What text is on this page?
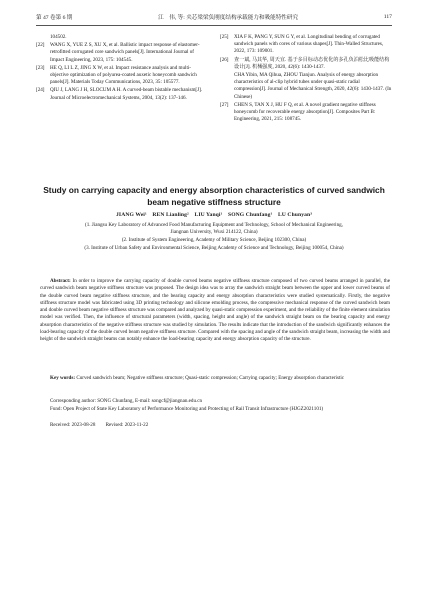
第 47 卷第 6 期	江　伟, 等: 夹芯梁梁负刚度结构承载能力和吸能特性研究	117
104502.
[22]	WANG X, YUE Z S, XU X, et al. Ballistic impact response of elastomer-retrofitted corrugated core sandwich panels[J]. International Journal of Impact Engineering, 2023, 175: 104545.
[23]	HE Q, LI L Z, JING X W, et al. Impact resistance analysis and multi-objective optimization of polyurea-coated auxetic honeycomb sandwich panels[J]. Materials Today Communications, 2023, 35: 105577.
[24]	QIU J, LANG J H, SLOCUM A H. A curved-beam bistable mechanism[J]. Journal of Microelectromechanical Systems, 2004, 13(2): 137-146.
[25]	XIA F K, PANG Y, SUN G Y, et al. Longitudinal bending of corrugated sandwich panels with cores of various shapes[J]. Thin-Walled Structures, 2022, 173: 109001.
[26]	查一斌, 马其华, 周天宜. 基于多目标动态优化的多孔负泊松比吸能结构设计[J]. 机械强度, 2020, 42(6): 1430-1437.
CHA Yibin, MA Qihua, ZHOU Tianjun. Analysis of energy absorption characteristics of al-clip hybrid tubes under quasi-static radial compression[J]. Journal of Mechanical Strength, 2020, 42(6): 1430-1437. (In Chinese)
[27]	CHEN S, TAN X J, HU F Q, et al. A novel gradient negative stiffness honeycomb for recoverable energy absorption[J]. Composites Part B: Engineering, 2021, 215: 108745.
Study on carrying capacity and energy absorption characteristics of curved sandwich beam negative stiffness structure
JIANG Wei¹　REN Lianling²　LIU Yanqi¹　SONG Chunfang¹　LU Chunyan³
(1. Jiangsu Key Laboratory of Advanced Food Manufacturing Equipment and Technology, School of Mechanical Engineering,
Jiangnan University, Wuxi 214122, China)
(2. Institute of System Engineering, Academy of Military Science, Beijing 102300, China)
(3. Institute of Urban Safety and Environmental Science, Beijing Academy of Science and Technology, Beijing 100054, China)
Abstract: In order to improve the carrying capacity of double curved beams negative stiffness structure composed of two curved beams arranged in parallel, the curved sandwich beam negative stiffness structure was proposed. The design idea was to array the sandwich straight beam between the upper and lower curved beams of the double curved beam negative stiffness structure, and the bearing capacity and energy absorption characteristics were studied systematically. Firstly, the negative stiffness structure model was fabricated using 3D printing technology and silicone emolding process, the compressive mechanical response of the curved sandwich beam and double curved beam negative stiffness structure was compared and analyzed by quasi-static compression experiment, and the reliability of the finite element simulation model was verified. Then, the influence of structural parameters (width, spacing, height and angle) of the sandwich straight beam on the bearing capacity and energy absorption characteristics of the negative stiffness structure was studied by simulation. The results indicate that the introduction of the sandwich significantly enhances the load-bearing capacity of the double curved beam negative stiffness structure. Compared with the spacing and angle of the sandwich straight beam, increasing the width and height of the sandwich straight beams can notably enhance the load-bearing capacity and energy absorption capacity of the structure.
Key words: Curved sandwich beam; Negative stiffness structure; Quasi-static compression; Carrying capacity; Energy absorption characteristic
Corresponding author: SONG Chunfang, E-mail: songcf@jiangnan.edu.cn
Fund: Open Project of State Key Laboratory of Performance Monitoring and Protecting of Rail Transit Infrastructure (HJGZ2021101)
Received: 2023-08-28　　Revised: 2023-11-22
